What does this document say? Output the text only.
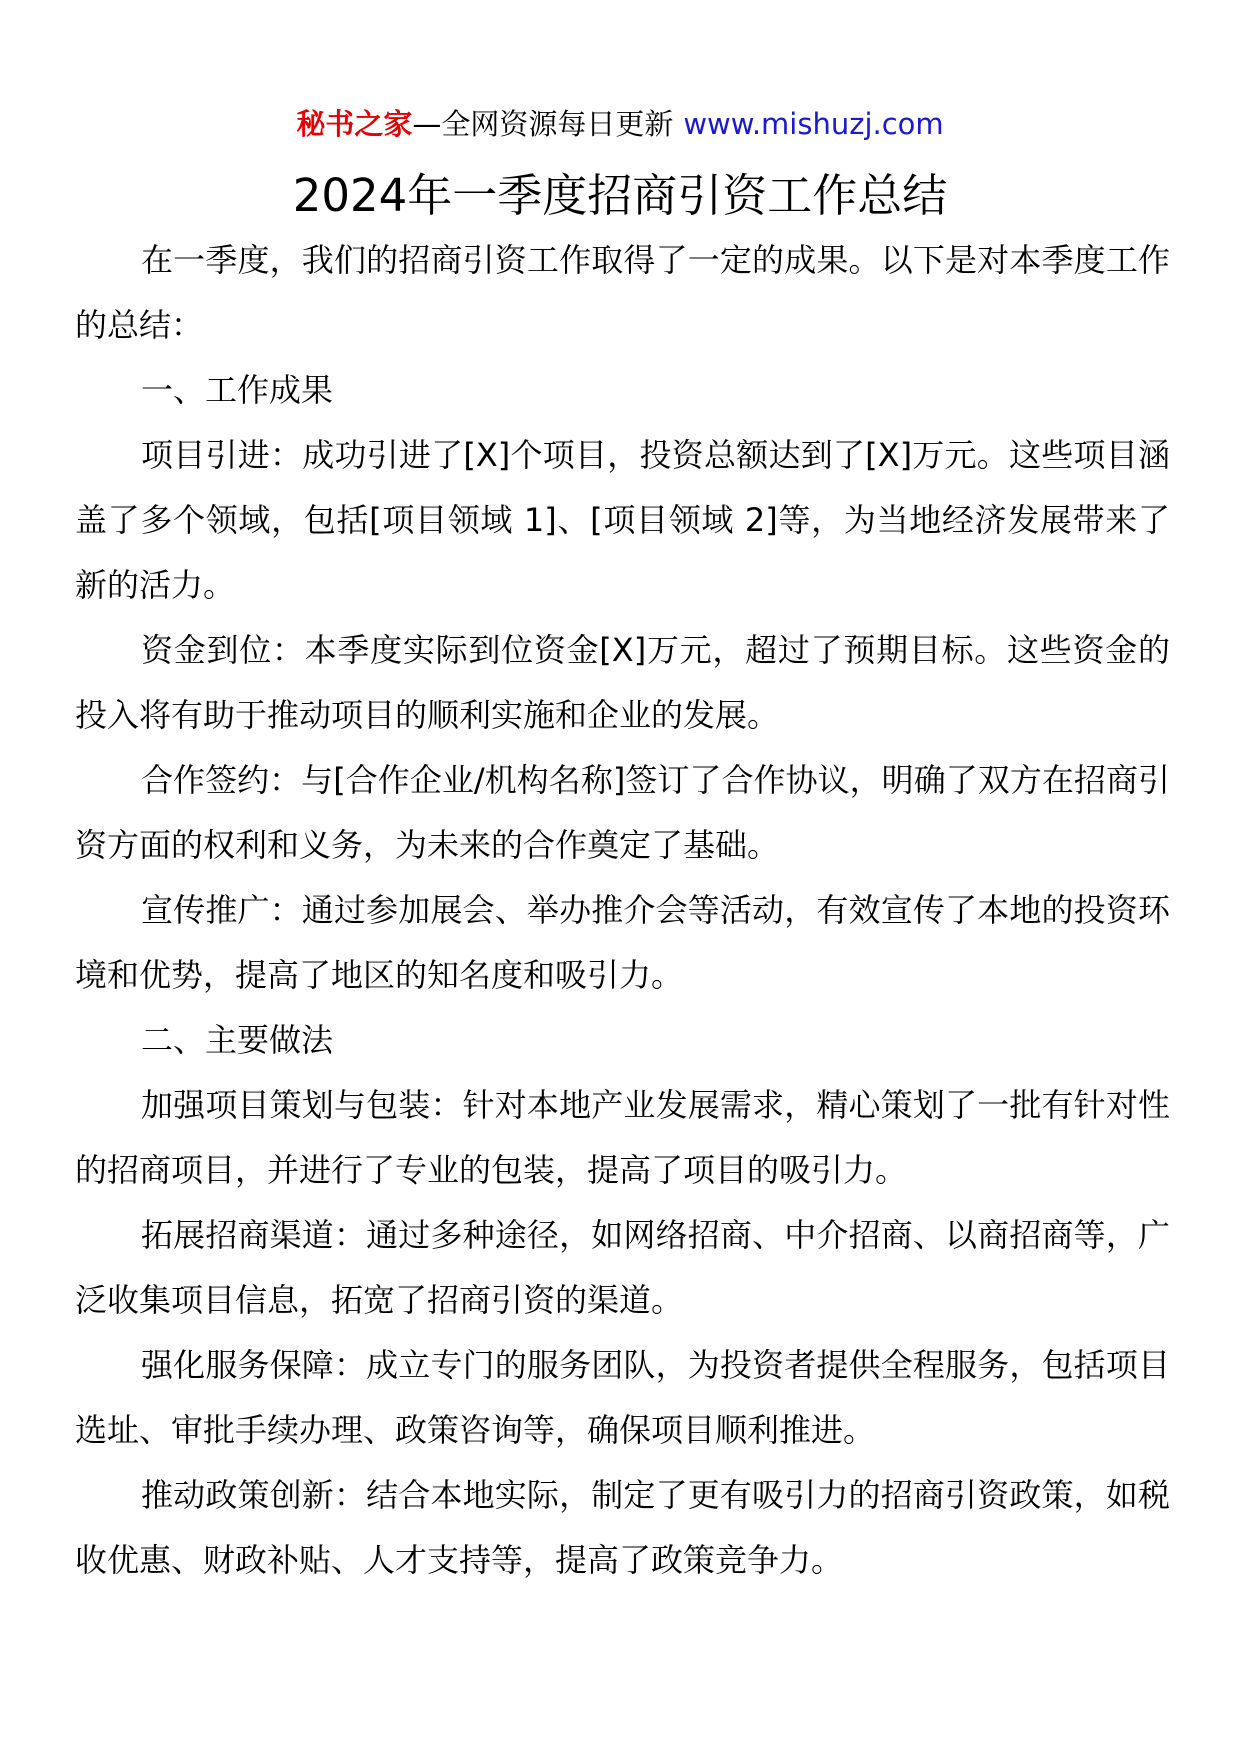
秘书之家—全网资源每日更新 www.mishuzj.com
2024年一季度招商引资工作总结

在一季度，我们的招商引资工作取得了一定的成果。以下是对本季度工作的总结：

一、工作成果

项目引进：成功引进了[X]个项目，投资总额达到了[X]万元。这些项目涵盖了多个领域，包括[项目领域 1]、[项目领域 2]等，为当地经济发展带来了新的活力。

资金到位：本季度实际到位资金[X]万元，超过了预期目标。这些资金的投入将有助于推动项目的顺利实施和企业的发展。

合作签约：与[合作企业/机构名称]签订了合作协议，明确了双方在招商引资方面的权利和义务，为未来的合作奠定了基础。

宣传推广：通过参加展会、举办推介会等活动，有效宣传了本地的投资环境和优势，提高了地区的知名度和吸引力。

二、主要做法

加强项目策划与包装：针对本地产业发展需求，精心策划了一批有针对性的招商项目，并进行了专业的包装，提高了项目的吸引力。

拓展招商渠道：通过多种途径，如网络招商、中介招商、以商招商等，广泛收集项目信息，拓宽了招商引资的渠道。

强化服务保障：成立专门的服务团队，为投资者提供全程服务，包括项目选址、审批手续办理、政策咨询等，确保项目顺利推进。

推动政策创新：结合本地实际，制定了更有吸引力的招商引资政策，如税收优惠、财政补贴、人才支持等，提高了政策竞争力。
